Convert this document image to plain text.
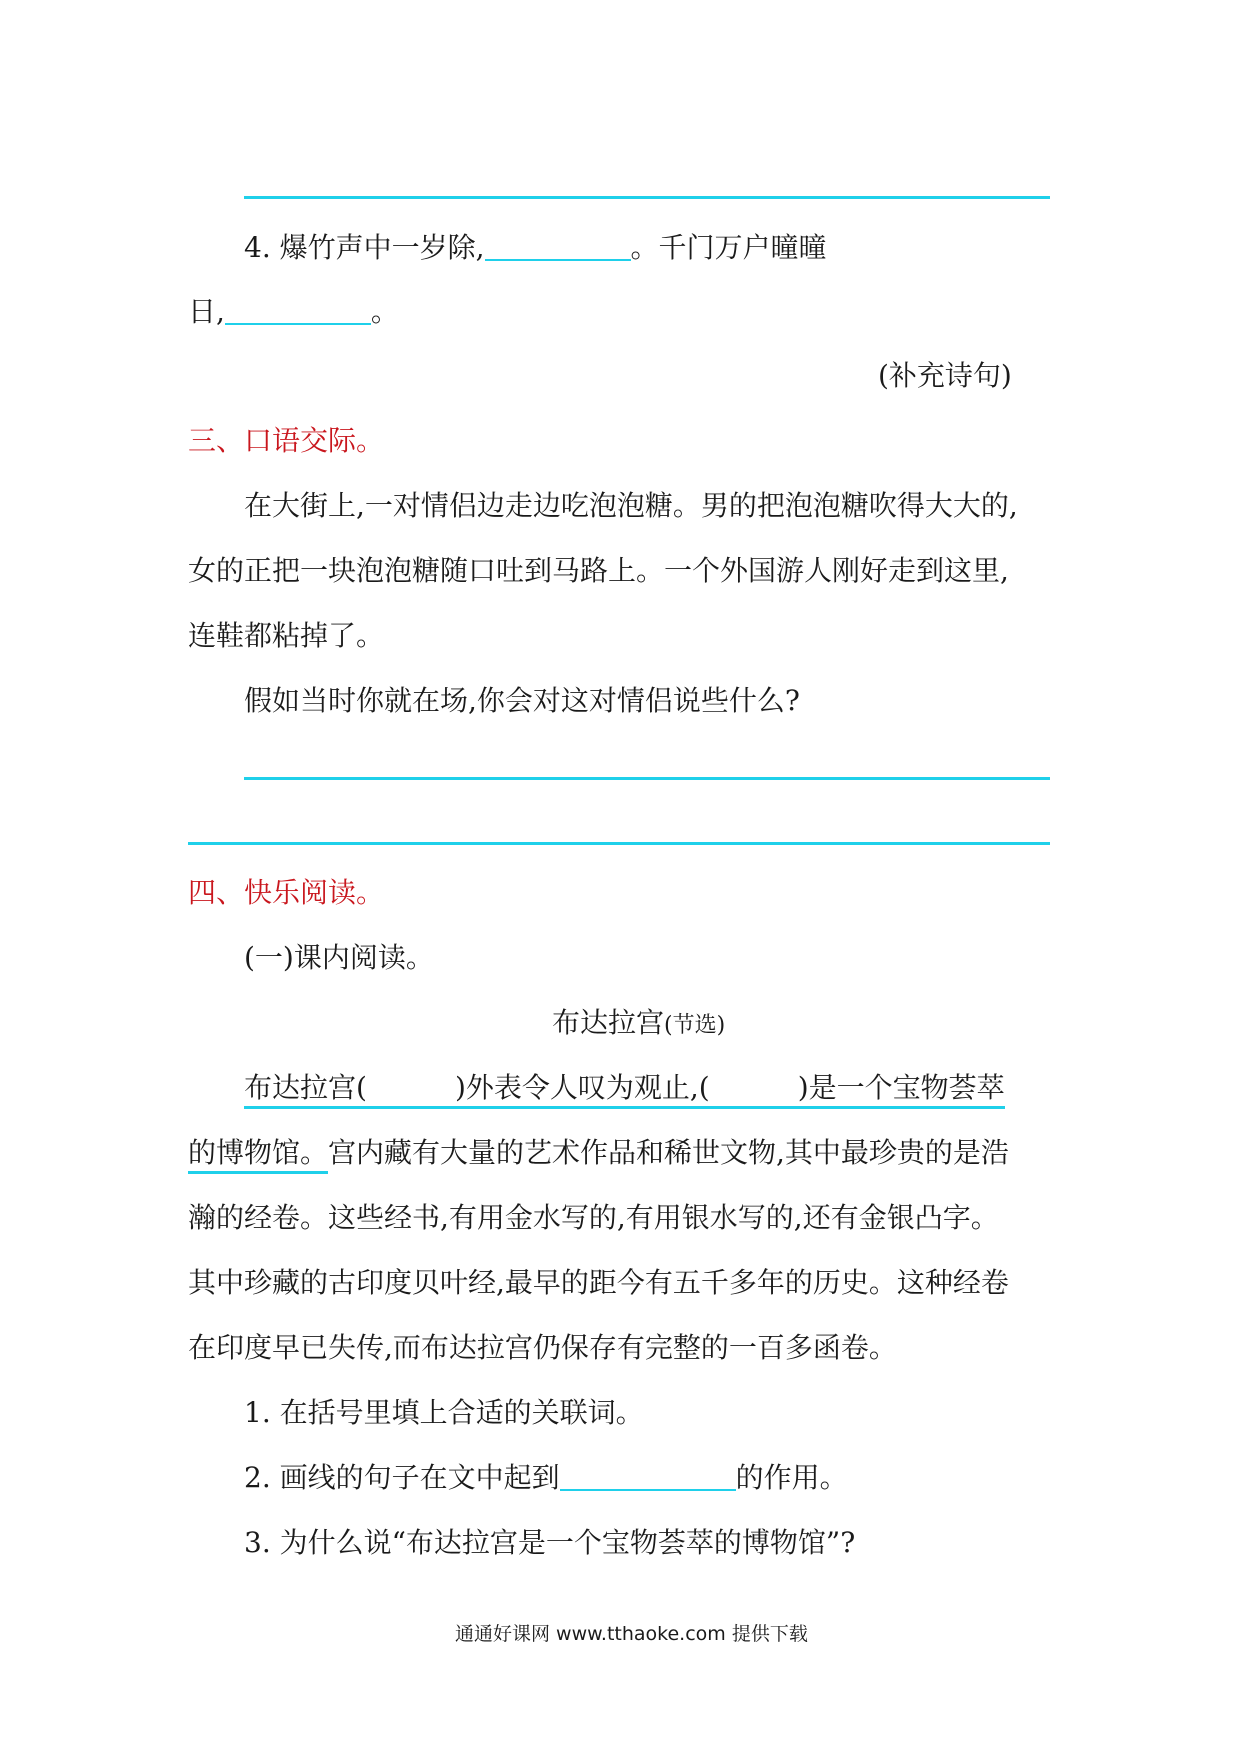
4. 爆竹声中一岁除,	。千门万户曈曈
日,	。
(补充诗句)
三、口语交际。
在大街上,一对情侣边走边吃泡泡糖。男的把泡泡糖吹得大大的,
女的正把一块泡泡糖随口吐到马路上。一个外国游人刚好走到这里,
连鞋都粘掉了。
假如当时你就在场,你会对这对情侣说些什么?
四、快乐阅读。
(一)课内阅读。
布达拉宫(节选)
布达拉宫(	)外表令人叹为观止,(	)是一个宝物荟萃
的博物馆。宫内藏有大量的艺术作品和稀世文物,其中最珍贵的是浩
瀚的经卷。这些经书,有用金水写的,有用银水写的,还有金银凸字。
其中珍藏的古印度贝叶经,最早的距今有五千多年的历史。这种经卷
在印度早已失传,而布达拉宫仍保存有完整的一百多函卷。
1. 在括号里填上合适的关联词。
2. 画线的句子在文中起到	的作用。
3. 为什么说“布达拉宫是一个宝物荟萃的博物馆”?
通通好课网 www.tthaoke.com 提供下载
